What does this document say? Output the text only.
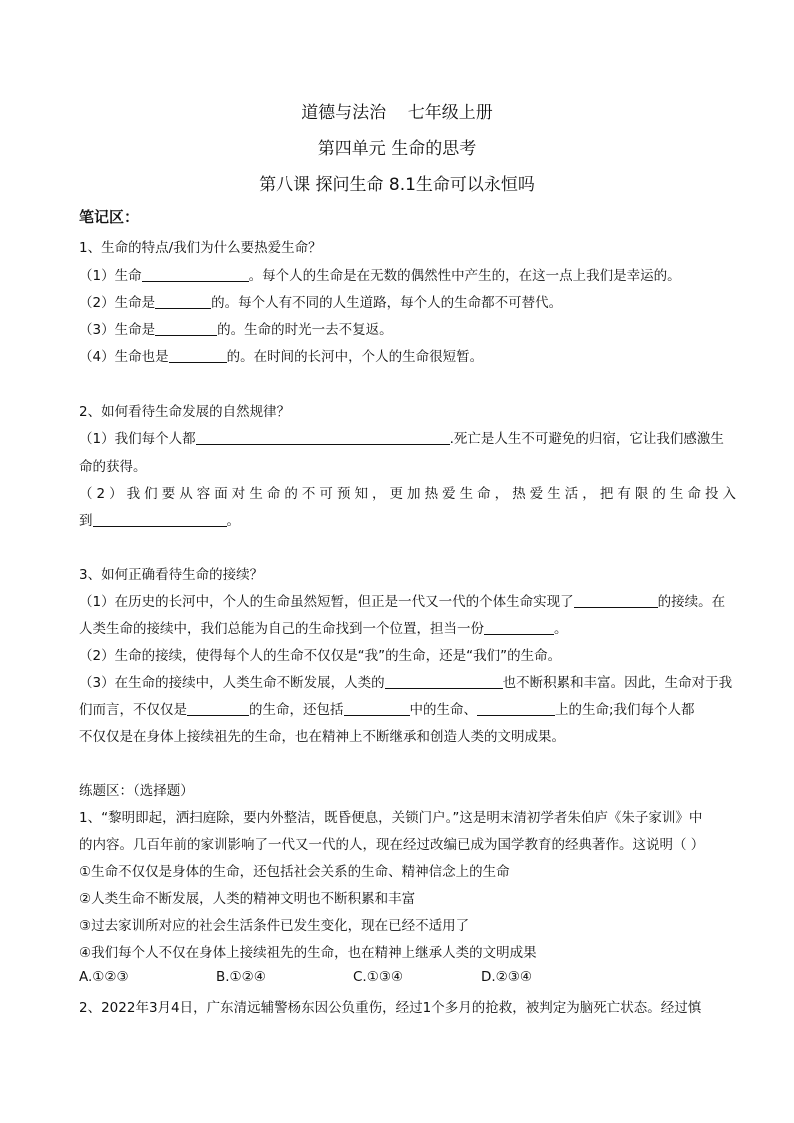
道德与法治    七年级上册
第四单元 生命的思考
第八课 探问生命 8.1生命可以永恒吗
笔记区：
1、生命的特点/我们为什么要热爱生命？
（1）生命	。每个人的生命是在无数的偶然性中产生的，在这一点上我们是幸运的。
（2）生命是	的。每个人有不同的人生道路，每个人的生命都不可替代。
（3）生命是	的。生命的时光一去不复返。
（4）生命也是	的。在时间的长河中，个人的生命很短暂。
2、如何看待生命发展的自然规律？
（1）我们每个人都	.死亡是人生不可避免的归宿，它让我们感激生
命的获得。
（2）我们要从容面对生命的不可预知，更加热爱生命，热爱生活，把有限的生命投入
到	。
3、如何正确看待生命的接续？
（1）在历史的长河中，个人的生命虽然短暂，但正是一代又一代的个体生命实现了	的接续。在
人类生命的接续中，我们总能为自己的生命找到一个位置，担当一份	。
（2）生命的接续，使得每个人的生命不仅仅是“我”的生命，还是“我们”的生命。
（3）在生命的接续中，人类生命不断发展，人类的	也不断积累和丰富。因此，生命对于我
们而言，不仅仅是	的生命，还包括	中的生命、	上的生命;我们每个人都
不仅仅是在身体上接续祖先的生命，也在精神上不断继承和创造人类的文明成果。
练题区：（选择题）
1、“黎明即起，洒扫庭除，要内外整洁，既昏便息，关锁门户。”这是明末清初学者朱伯庐《朱子家训》中
的内容。几百年前的家训影响了一代又一代的人，现在经过改编已成为国学教育的经典著作。这说明（ ）
①生命不仅仅是身体的生命，还包括社会关系的生命、精神信念上的生命
②人类生命不断发展，人类的精神文明也不断积累和丰富
③过去家训所对应的社会生活条件已发生变化，现在已经不适用了
④我们每个人不仅在身体上接续祖先的生命，也在精神上继承人类的文明成果
A.①②③	B.①②④	C.①③④	D.②③④
2、2022年3月4日，广东清远辅警杨东因公负重伤，经过1个多月的抢救，被判定为脑死亡状态。经过慎
